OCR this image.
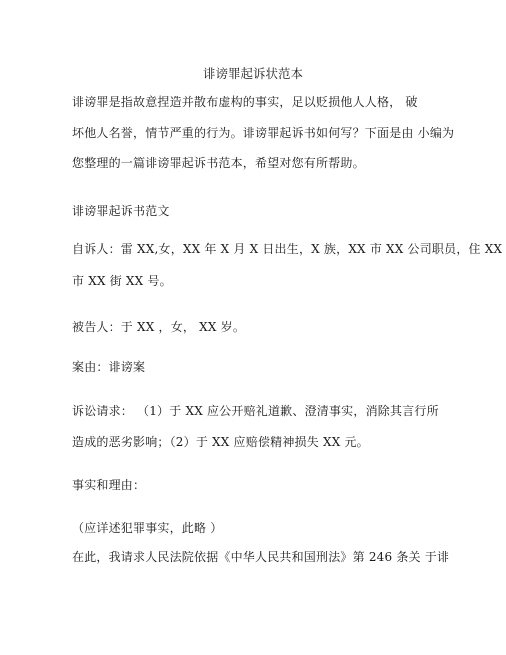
诽谤罪起诉状范本
诽谤罪是指故意捏造并散布虚构的事实，足以贬损他人人格， 破
坏他人名誉，情节严重的行为。诽谤罪起诉书如何写？下面是由 小编为
您整理的一篇诽谤罪起诉书范本，希望对您有所帮助。
诽谤罪起诉书范文
自诉人：雷 XX,女，XX 年 X 月 X 日出生，X 族，XX 市 XX 公司职员，住 XX
市 XX 街 XX 号。
被告人：于 XX ，女， XX 岁。
案由：诽谤案
诉讼请求： （1）于 XX 应公开赔礼道歉、澄清事实，消除其言行所
造成的恶劣影响；（2）于 XX 应赔偿精神损失 XX 元。
事实和理由：
（应详述犯罪事实，此略 ）
在此，我请求人民法院依据《中华人民共和国刑法》第 246 条关 于诽
